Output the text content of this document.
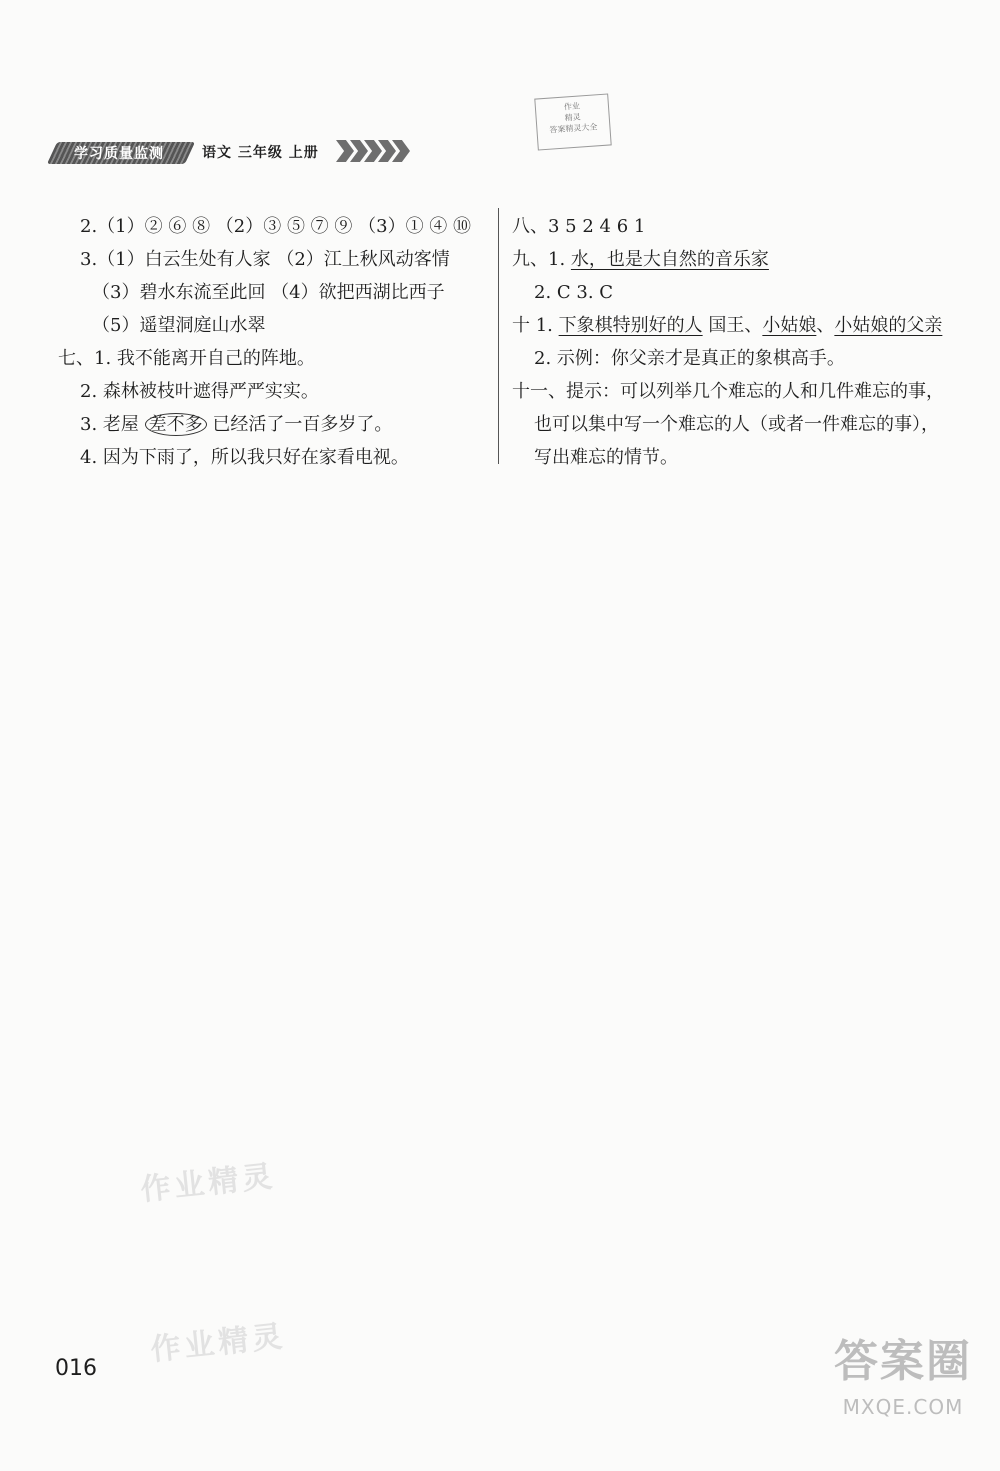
学习质量监测	语文 三年级 上册
作业
精灵
答案精灵大全
2.（1）② ⑥ ⑧ （2）③ ⑤ ⑦ ⑨ （3）① ④ ⑩
3.（1）白云生处有人家 （2）江上秋风动客情
（3）碧水东流至此回 （4）欲把西湖比西子
（5）遥望洞庭山水翠
七、1. 我不能离开自己的阵地。
2. 森林被枝叶遮得严严实实。
3. 老屋 差不多 已经活了一百多岁了。
4. 因为下雨了，所以我只好在家看电视。
八、3 5 2 4 6 1
九、1. 水，也是大自然的音乐家
2. C 3. C
十 1. 下象棋特别好的人 国王、小姑娘、小姑娘的父亲
2. 示例：你父亲才是真正的象棋高手。
十一、提示：可以列举几个难忘的人和几件难忘的事，
也可以集中写一个难忘的人（或者一件难忘的事），
写出难忘的情节。
作业精灵
作业精灵
016	答案圈
MXQE.COM
